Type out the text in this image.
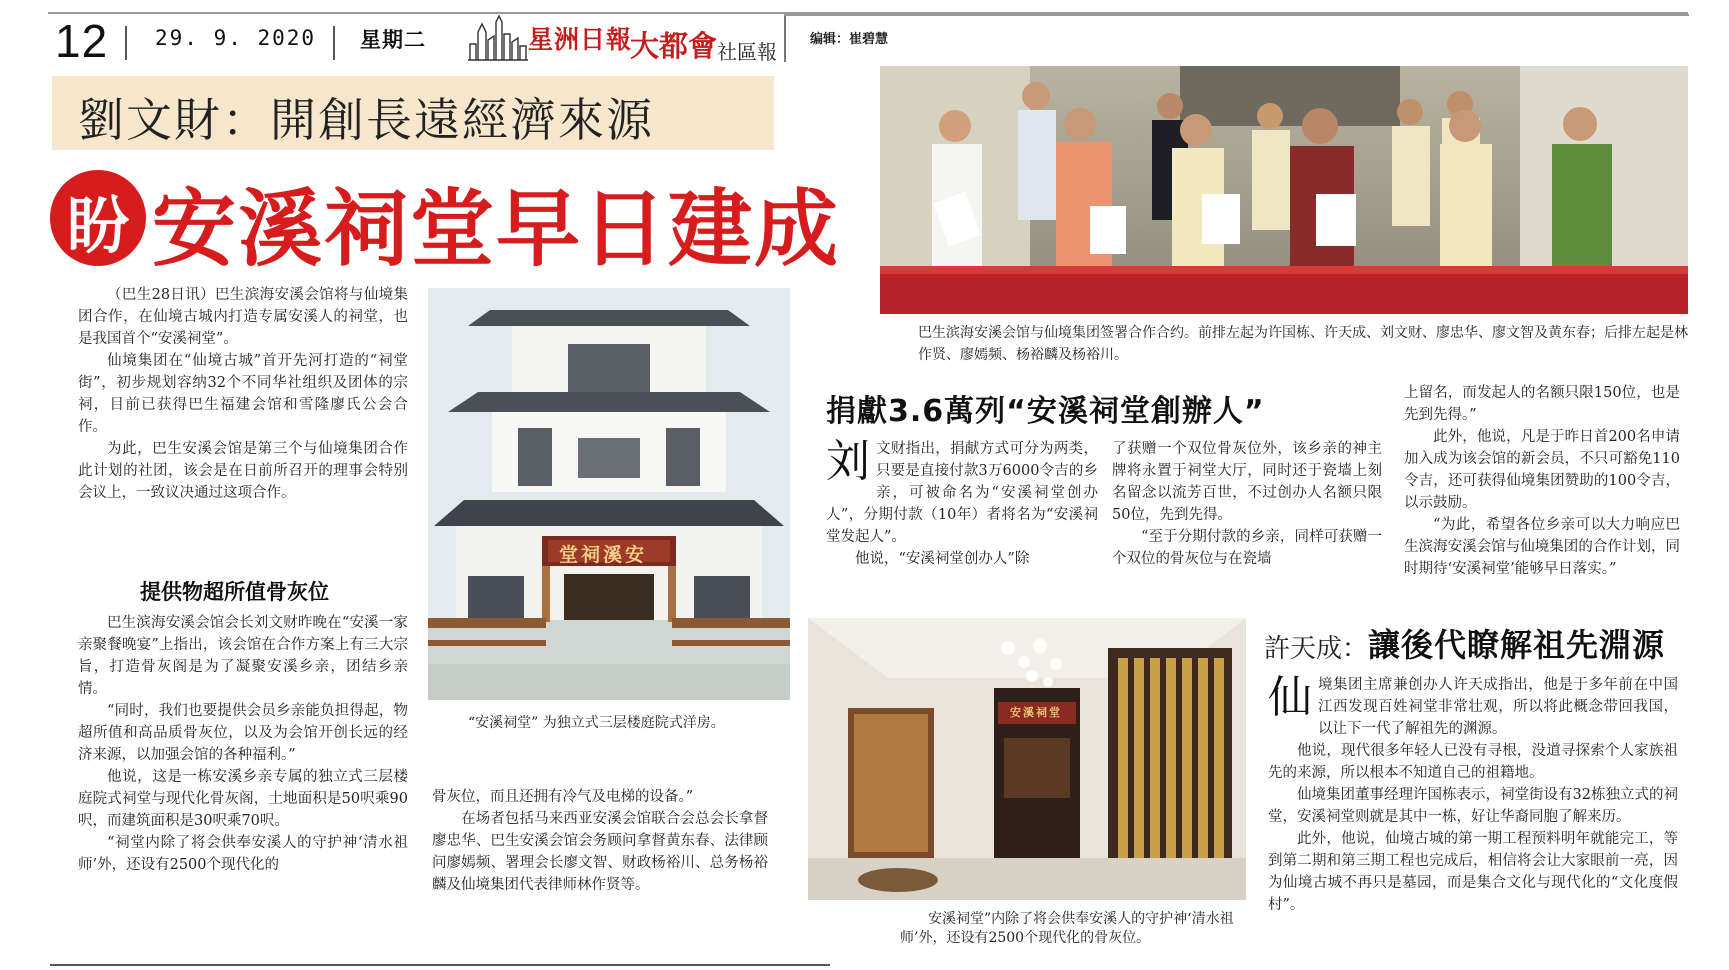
12 29. 9. 2020 星期二	星洲日報
大都會 社區報
编辑：崔碧慧
劉文財：開創長遠經濟來源
盼 安溪祠堂早日建成
巴生滨海安溪会馆与仙境集团签署合作合约。前排左起为许国栋、许天成、刘文财、廖忠华、廖文智及黄东春；后排左起是林作贤、廖嫣频、杨裕麟及杨裕川。

（巴生28日讯）巴生滨海安溪会馆将与仙境集团合作，在仙境古城内打造专属安溪人的祠堂，也是我国首个“安溪祠堂”。

仙境集团在“仙境古城”首开先河打造的“祠堂街”，初步规划容纳32个不同华社组织及团体的宗祠，目前已获得巴生福建会馆和雪隆廖氏公会合作。

为此，巴生安溪会馆是第三个与仙境集团合作此计划的社团，该会是在日前所召开的理事会特别会议上，一致议决通过这项合作。

提供物超所值骨灰位

巴生滨海安溪会馆会长刘文财昨晚在“安溪一家亲聚餐晚宴”上指出，该会馆在合作方案上有三大宗旨，打造骨灰阁是为了凝聚安溪乡亲，团结乡亲情。

“同时，我们也要提供会员乡亲能负担得起，物超所值和高品质骨灰位，以及为会馆开创长远的经济来源，以加强会馆的各种福利。”

他说，这是一栋安溪乡亲专属的独立式三层楼庭院式祠堂与现代化骨灰阁，土地面积是50呎乘90呎，而建筑面积是30呎乘70呎。

“祠堂内除了将会供奉安溪人的守护神‘清水祖师’外，还设有2500个现代化的

堂祠溪安
“安溪祠堂” 为独立式三层楼庭院式洋房。

骨灰位，而且还拥有冷气及电梯的设备。”

在场者包括马来西亚安溪会馆联合会总会长拿督廖忠华、巴生安溪会馆会务顾问拿督黄东春、法律顾问廖嫣频、署理会长廖文智、财政杨裕川、总务杨裕麟及仙境集团代表律师林作贤等。

捐獻3.6萬列“安溪祠堂創辦人”
刘 文财指出，捐献方式可分为两类，只要是直接付款3万6000令吉的乡亲，可被命名为“安溪祠堂创办人”，分期付款（10年）者将名为“安溪祠堂发起人”。

他说，“安溪祠堂创办人”除

了获赠一个双位骨灰位外，该乡亲的神主牌将永置于祠堂大厅，同时还于瓷墙上刻名留念以流芳百世，不过创办人名额只限50位，先到先得。

“至于分期付款的乡亲，同样可获赠一个双位的骨灰位与在瓷墙

上留名，而发起人的名额只限150位，也是先到先得。”

此外，他说，凡是于昨日首200名申请加入成为该会馆的新会员，不只可豁免110令吉，还可获得仙境集团赞助的100令吉，以示鼓励。

“为此，希望各位乡亲可以大力响应巴生滨海安溪会馆与仙境集团的合作计划，同时期待‘安溪祠堂’能够早日落实。”

安溪祠堂
安溪祠堂”内除了将会供奉安溪人的守护神‘清水祖师’外，还设有2500个现代化的骨灰位。
許天成： 讓後代瞭解祖先淵源
仙 境集团主席兼创办人许天成指出，他是于多年前在中国江西发现百姓祠堂非常壮观，所以将此概念带回我国，以让下一代了解祖先的渊源。

他说，现代很多年轻人已没有寻根，没道寻探索个人家族祖先的来源，所以根本不知道自己的祖籍地。

仙境集团董事经理许国栋表示，祠堂街设有32栋独立式的祠堂，安溪祠堂则就是其中一栋，好让华裔同胞了解来历。

此外，他说，仙境古城的第一期工程预料明年就能完工，等到第二期和第三期工程也完成后，相信将会让大家眼前一亮，因为仙境古城不再只是墓园，而是集合文化与现代化的“文化度假村”。
